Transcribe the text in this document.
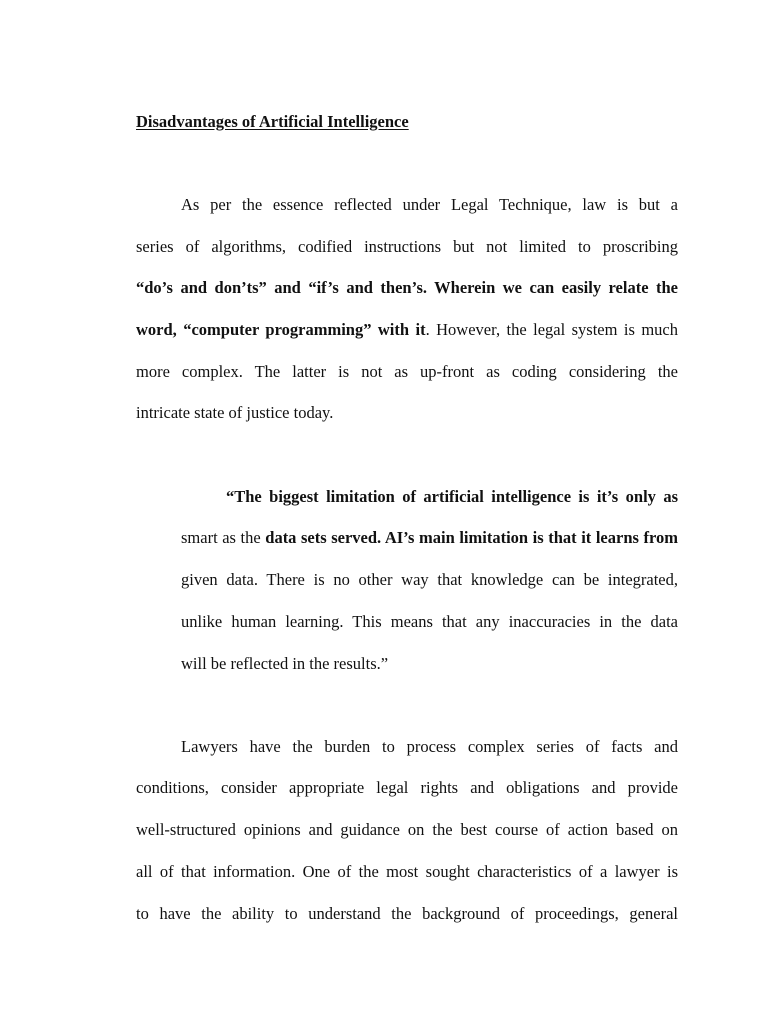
Disadvantages of Artificial Intelligence
As per the essence reflected under Legal Technique, law is but a
series of algorithms, codified instructions but not limited to proscribing
“do’s and don’ts” and “if’s and then’s. Wherein we can easily relate the
word, “computer programming” with it. However, the legal system is much
more complex. The latter is not as up-front as coding considering the
intricate state of justice today.
“The biggest limitation of artificial intelligence is it’s only as
smart as the data sets served. AI’s main limitation is that it learns from
given data. There is no other way that knowledge can be integrated,
unlike human learning. This means that any inaccuracies in the data
will be reflected in the results.”
Lawyers have the burden to process complex series of facts and
conditions, consider appropriate legal rights and obligations and provide
well-structured opinions and guidance on the best course of action based on
all of that information. One of the most sought characteristics of a lawyer is
to have the ability to understand the background of proceedings, general
